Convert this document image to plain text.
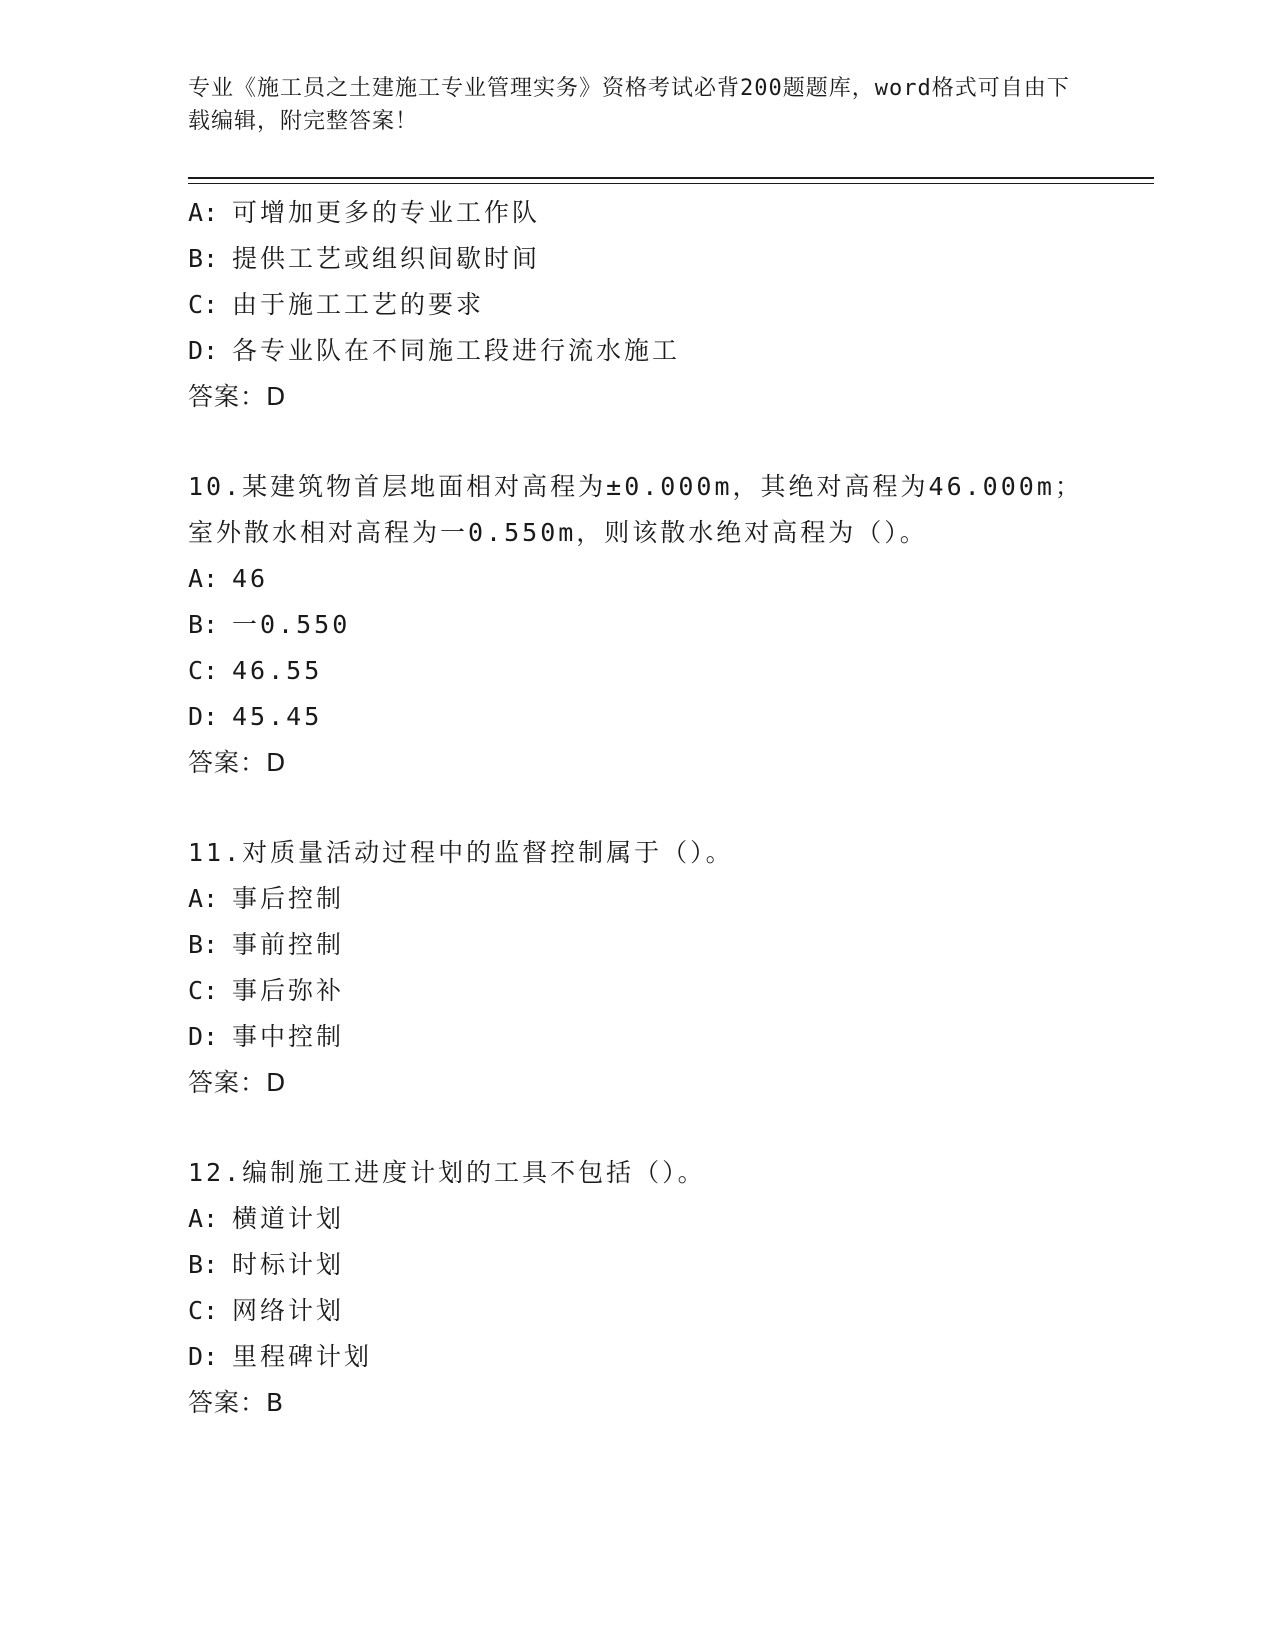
专业《施工员之土建施工专业管理实务》资格考试必背200题题库，word格式可自由下载编辑，附完整答案！
A: 可增加更多的专业工作队
B: 提供工艺或组织间歇时间
C: 由于施工工艺的要求
D: 各专业队在不同施工段进行流水施工
答案：D
10.某建筑物首层地面相对高程为±0.000m，其绝对高程为46.000m；室外散水相对高程为一0.550m，则该散水绝对高程为（）。
A: 46
B: 一0.550
C: 46.55
D: 45.45
答案：D
11.对质量活动过程中的监督控制属于（）。
A: 事后控制
B: 事前控制
C: 事后弥补
D: 事中控制
答案：D
12.编制施工进度计划的工具不包括（）。
A: 横道计划
B: 时标计划
C: 网络计划
D: 里程碑计划
答案：B
